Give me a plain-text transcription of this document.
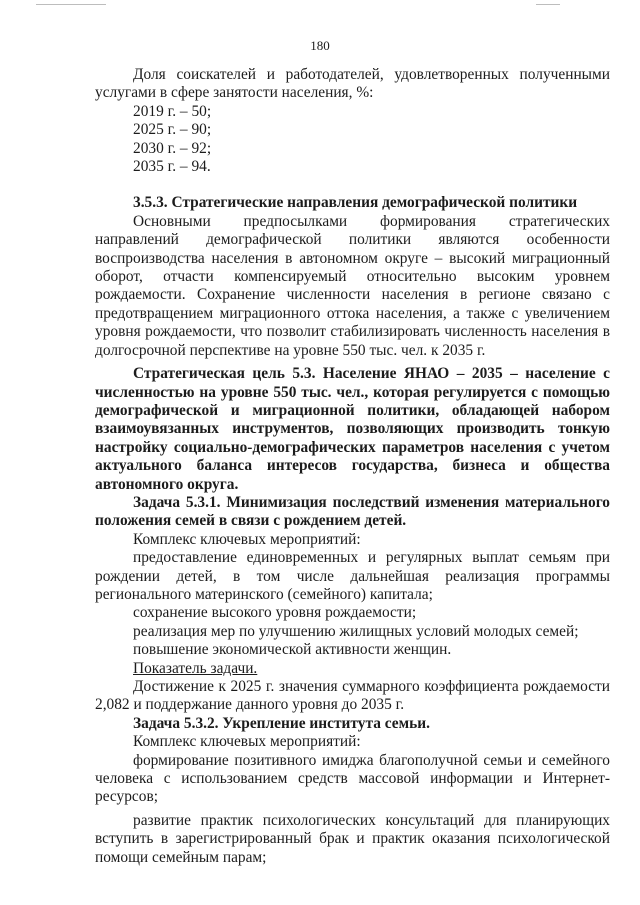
180

Доля соискателей и работодателей, удовлетворенных полученными услугами в сфере занятости населения, %:

2019 г. – 50;

2025 г. – 90;

2030 г. – 92;

2035 г. – 94.

3.5.3. Стратегические направления демографической политики

Основными предпосылками формирования стратегических направлений демографической политики являются особенности воспроизводства населения в автономном округе – высокий миграционный оборот, отчасти компенсируемый относительно высоким уровнем рождаемости. Сохранение численности населения в регионе связано с предотвращением миграционного оттока населения, а также с увеличением уровня рождаемости, что позволит стабилизировать численность населения в долгосрочной перспективе на уровне 550 тыс. чел. к 2035 г.

Стратегическая цель 5.3. Население ЯНАО – 2035 – население с численностью на уровне 550 тыс. чел., которая регулируется с помощью демографической и миграционной политики, обладающей набором взаимоувязанных инструментов, позволяющих производить тонкую настройку социально-демографических параметров населения с учетом актуального баланса интересов государства, бизнеса и общества автономного округа.

Задача 5.3.1. Минимизация последствий изменения материального положения семей в связи с рождением детей.

Комплекс ключевых мероприятий:

предоставление единовременных и регулярных выплат семьям при рождении детей, в том числе дальнейшая реализация программы регионального материнского (семейного) капитала;

сохранение высокого уровня рождаемости;

реализация мер по улучшению жилищных условий молодых семей;

повышение экономической активности женщин.

Показатель задачи.

Достижение к 2025 г. значения суммарного коэффициента рождаемости 2,082 и поддержание данного уровня до 2035 г.

Задача 5.3.2. Укрепление института семьи.

Комплекс ключевых мероприятий:

формирование позитивного имиджа благополучной семьи и семейного человека с использованием средств массовой информации и Интернет-ресурсов;

развитие практик психологических консультаций для планирующих вступить в зарегистрированный брак и практик оказания психологической помощи семейным парам;
